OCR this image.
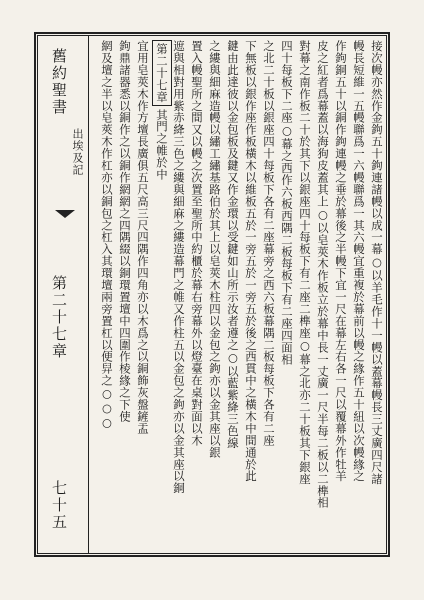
舊約聖書
出埃及記
第二十七章
七十五
接次幔亦然作金鉤五十鉤連諸幔以成一幕○以羊毛作十一幔以蓋幕幔長三丈廣四尺諸
幔長短維一五幔聯爲一六幔聯爲一其六幔宜重複於幕前以幔之緣作五十紐以次幔緣之
作鉤銅五十以銅作鉤連幔之垂於幕後之半幔下宜一尺在幕左右各一尺以覆幕外作牡羊
皮之紅者爲幕蓋以海狗皮蓋其上○以皂莢木作板立於幕中長一丈廣一尺半每二板以二榫相
對幕之南作板二十於其下以銀座四十每板下有二座二榫座○幕之北亦二十板其下銀座
四十每板下二座○幕之西作六板西隅二板每板下有二座四面相
之北二十板以銀座四十每板下各有二座幕旁之西六板幕隅二板每板下各有二座
下無板以銀作座作板橫木以維板五於一旁五於一旁五於後之西貫中之橫木中間通於此
鍵由此達彼以金包板及鍵又作金環以受鍵如山所示汝者遵之○以藍紫絳三色線
之縷與細麻造幔以繡工繡基路伯於其上以皂莢木柱四以金包之鉤亦以金其座以銀
置入幔聖所之間又以幔之次置至聖所中約櫃於幕右旁幕外以燈臺在桌對面以木
遮與相對用紫赤絳三色之縷與細麻之縷造幕門之帷又作柱五以金包之鉤亦以金其座以銅
第二十七章其門之帷於中
宜用皂莢木作方壇長廣俱五尺高三尺四隅作四角亦以木爲之以銅飾灰盤鏟盂
鉤鼎諸器悉以銅作之以銅作網網之四隅綴以銅環置壇中四圍作棱緣之下使
網及壇之半以皂莢木作杠亦以銅包之杠入其環壇兩旁置杠以便舁之○○○
